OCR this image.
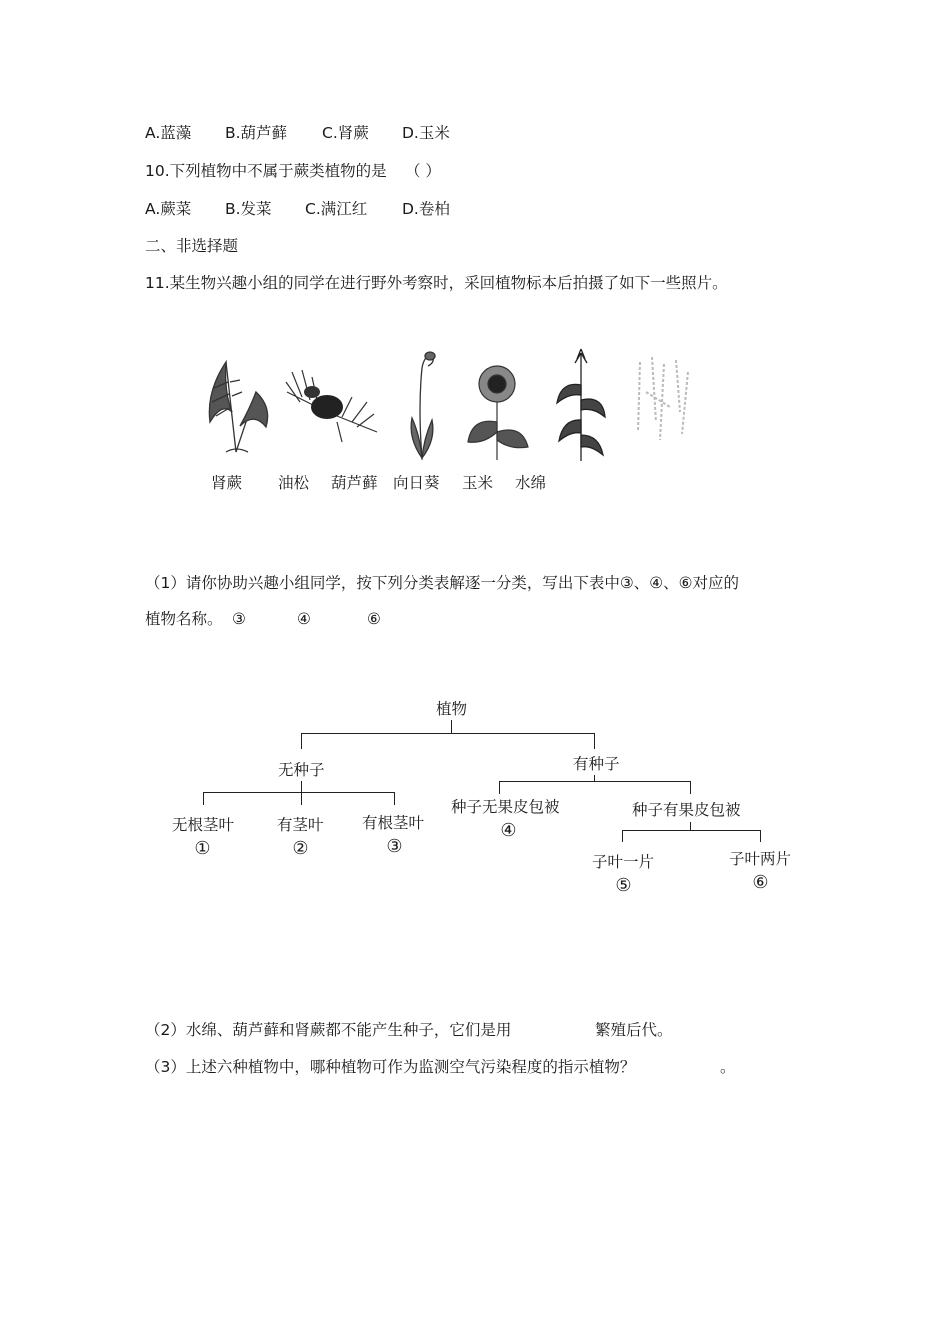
A.蓝藻 B.葫芦藓 C.肾蕨 D.玉米
10.下列植物中不属于蕨类植物的是 （ ）
A.蕨菜 B.发菜 C.满江红 D.卷柏
二、非选择题
11.某生物兴趣小组的同学在进行野外考察时，采回植物标本后拍摄了如下一些照片。
肾蕨 油松 葫芦藓 向日葵 玉米 水绵
（1）请你协助兴趣小组同学，按下列分类表解逐一分类，写出下表中③、④、⑥对应的
植物名称。 ③	④	⑥
植物
无种子	有种子
无根茎叶	有茎叶 有根茎叶
①	②	③
种子无果皮包被
④
种子有果皮包被
子叶一片	子叶两片
⑤	⑥
（2）水绵、葫芦藓和肾蕨都不能产生种子，它们是用	繁殖后代。
（3）上述六种植物中，哪种植物可作为监测空气污染程度的指示植物？	。
